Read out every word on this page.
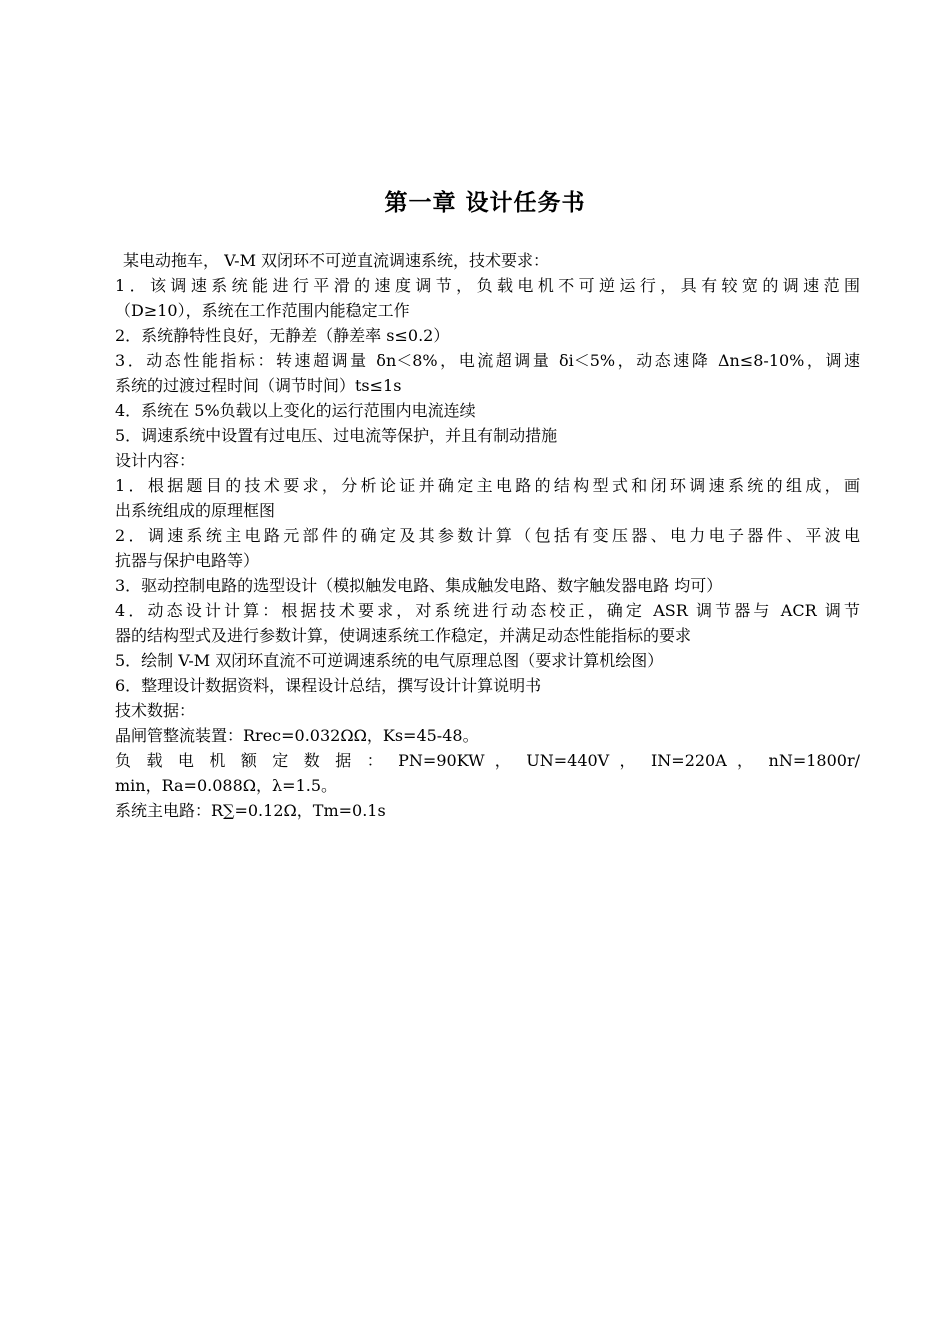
第一章 设计任务书
某电动拖车， V-M 双闭环不可逆直流调速系统，技术要求：
1．该调速系统能进行平滑的速度调节，负载电机不可逆运行，具有较宽的调速范围
（D≥10），系统在工作范围内能稳定工作
2．系统静特性良好，无静差（静差率 s≤0.2）
3．动态性能指标：转速超调量 δn＜8%，电流超调量 δi＜5%，动态速降 Δn≤8-10%，调速
系统的过渡过程时间（调节时间）ts≤1s
4．系统在 5%负载以上变化的运行范围内电流连续
5．调速系统中设置有过电压、过电流等保护，并且有制动措施
设计内容：
1．根据题目的技术要求，分析论证并确定主电路的结构型式和闭环调速系统的组成，画
出系统组成的原理框图
2．调速系统主电路元部件的确定及其参数计算（包括有变压器、电力电子器件、平波电
抗器与保护电路等）
3．驱动控制电路的选型设计（模拟触发电路、集成触发电路、数字触发器电路 均可）
4．动态设计计算：根据技术要求，对系统进行动态校正，确定 ASR 调节器与 ACR 调节
器的结构型式及进行参数计算，使调速系统工作稳定，并满足动态性能指标的要求
5．绘制 V-M 双闭环直流不可逆调速系统的电气原理总图（要求计算机绘图）
6．整理设计数据资料，课程设计总结，撰写设计计算说明书
技术数据：
晶闸管整流装置：Rrec=0.032ΩΩ，Ks=45-48。
负 载 电 机 额 定 数 据 ： PN=90KW ， UN=440V ， IN=220A ， nN=1800r/
min，Ra=0.088Ω，λ=1.5。
系统主电路：R∑=0.12Ω，Tm=0.1s
